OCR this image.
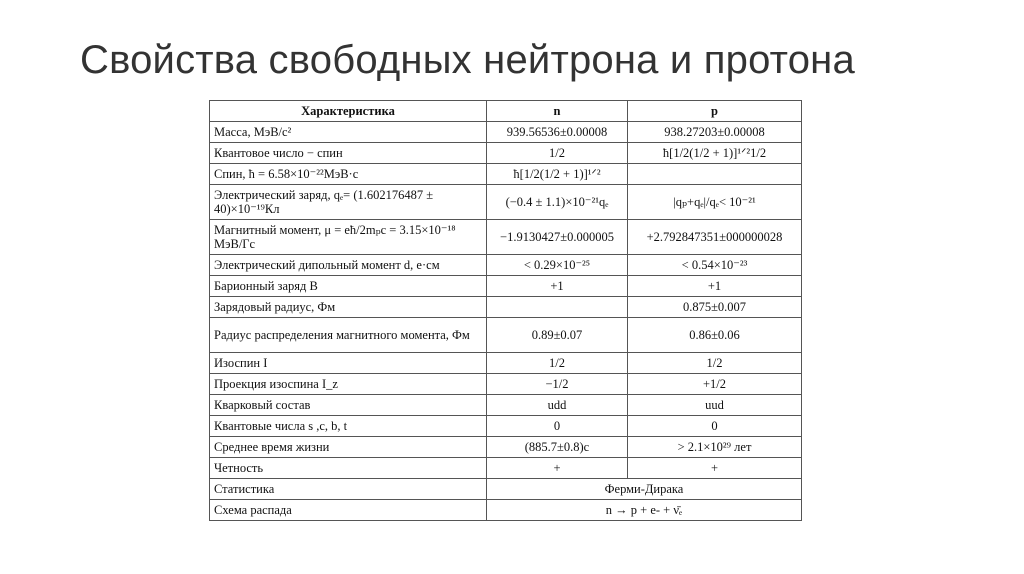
Свойства свободных нейтрона и протона
Характеристика	n	p
Масса, МэВ/c²	939.56536±0.00008	938.27203±0.00008
Квантовое число − спин	1/2	ħ[1/2(1/2 + 1)]¹ᐟ²1/2
Спин, ħ = 6.58×10⁻²²МэВ·с	ħ[1/2(1/2 + 1)]¹ᐟ²	
Электрический заряд, qₑ= (1.602176487 ± 40)×10⁻¹⁹Кл	(−0.4 ± 1.1)×10⁻²¹qₑ	|qₚ+qₑ|/qₑ< 10⁻²¹
Магнитный момент, μ = eħ/2mₚc = 3.15×10⁻¹⁸ МэВ/Гс	−1.9130427±0.000005	+2.792847351±000000028
Электрический дипольный момент d, е·см	< 0.29×10⁻²⁵	< 0.54×10⁻²³
Барионный заряд B	+1	+1
Зарядовый радиус, Фм		0.875±0.007
Радиус распределения магнитного момента, Фм	0.89±0.07	0.86±0.06
Изоспин I	1/2	1/2
Проекция изоспина I_z	−1/2	+1/2
Кварковый состав	udd	uud
Квантовые числа s ,c, b, t	0	0
Среднее время жизни	(885.7±0.8)с	> 2.1×10²⁹ лет
Четность	+	+
Статистика	Ферми-Дирака	
Схема распада	n → p + e- + ν̄ₑ	
